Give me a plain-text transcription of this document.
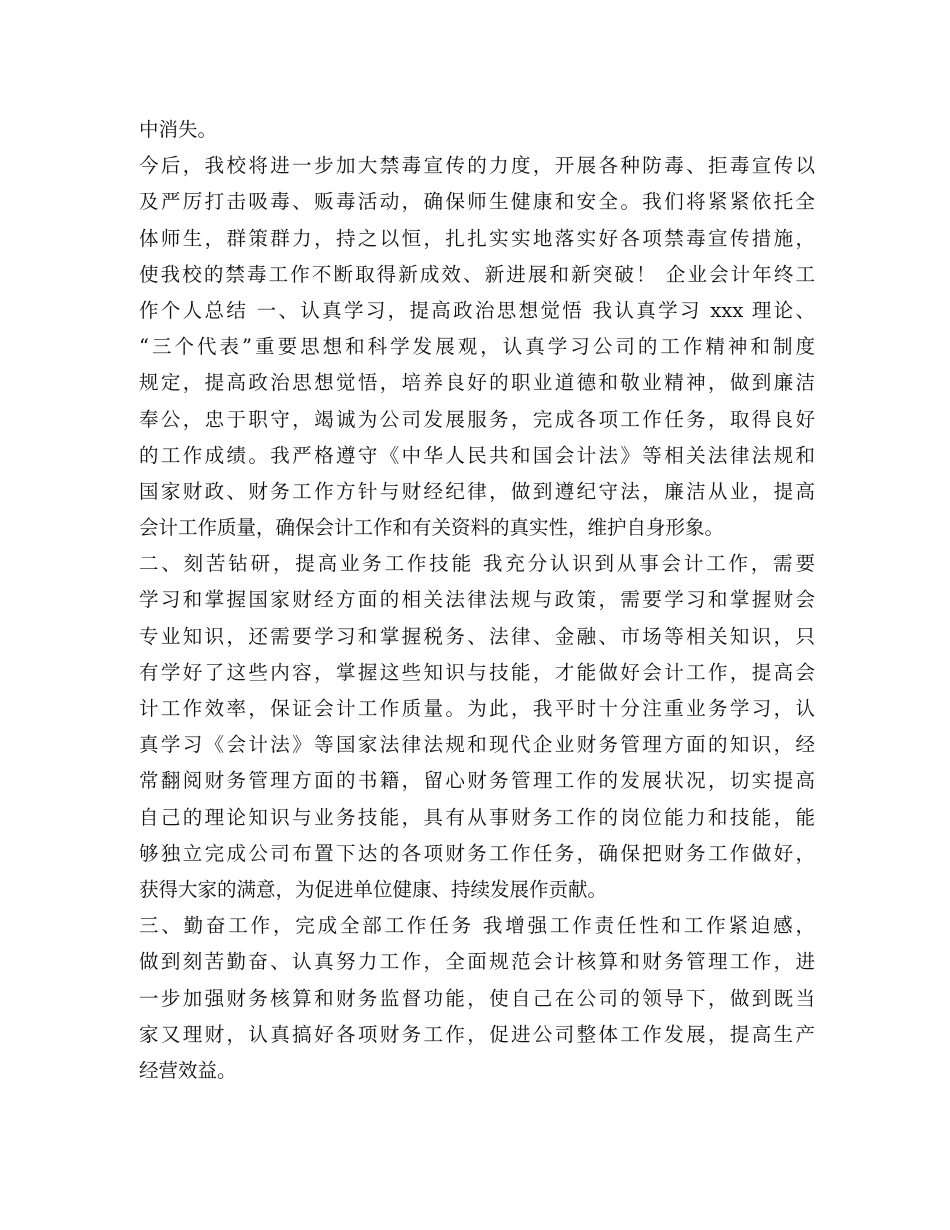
中消失。
今后，我校将进一步加大禁毒宣传的力度，开展各种防毒、拒毒宣传以
及严厉打击吸毒、贩毒活动，确保师生健康和安全。我们将紧紧依托全
体师生，群策群力，持之以恒，扎扎实实地落实好各项禁毒宣传措施，
使我校的禁毒工作不断取得新成效、新进展和新突破！ 企业会计年终工
作个人总结 一、认真学习，提高政治思想觉悟 我认真学习 xxx 理论、
“三个代表”重要思想和科学发展观，认真学习公司的工作精神和制度
规定，提高政治思想觉悟，培养良好的职业道德和敬业精神，做到廉洁
奉公，忠于职守，竭诚为公司发展服务，完成各项工作任务，取得良好
的工作成绩。我严格遵守《中华人民共和国会计法》等相关法律法规和
国家财政、财务工作方针与财经纪律，做到遵纪守法，廉洁从业，提高
会计工作质量，确保会计工作和有关资料的真实性，维护自身形象。
二、刻苦钻研，提高业务工作技能 我充分认识到从事会计工作，需要
学习和掌握国家财经方面的相关法律法规与政策，需要学习和掌握财会
专业知识，还需要学习和掌握税务、法律、金融、市场等相关知识，只
有学好了这些内容，掌握这些知识与技能，才能做好会计工作，提高会
计工作效率，保证会计工作质量。为此，我平时十分注重业务学习，认
真学习《会计法》等国家法律法规和现代企业财务管理方面的知识，经
常翻阅财务管理方面的书籍，留心财务管理工作的发展状况，切实提高
自己的理论知识与业务技能，具有从事财务工作的岗位能力和技能，能
够独立完成公司布置下达的各项财务工作任务，确保把财务工作做好，
获得大家的满意，为促进单位健康、持续发展作贡献。
三、勤奋工作，完成全部工作任务 我增强工作责任性和工作紧迫感，
做到刻苦勤奋、认真努力工作，全面规范会计核算和财务管理工作，进
一步加强财务核算和财务监督功能，使自己在公司的领导下，做到既当
家又理财，认真搞好各项财务工作，促进公司整体工作发展，提高生产
经营效益。
